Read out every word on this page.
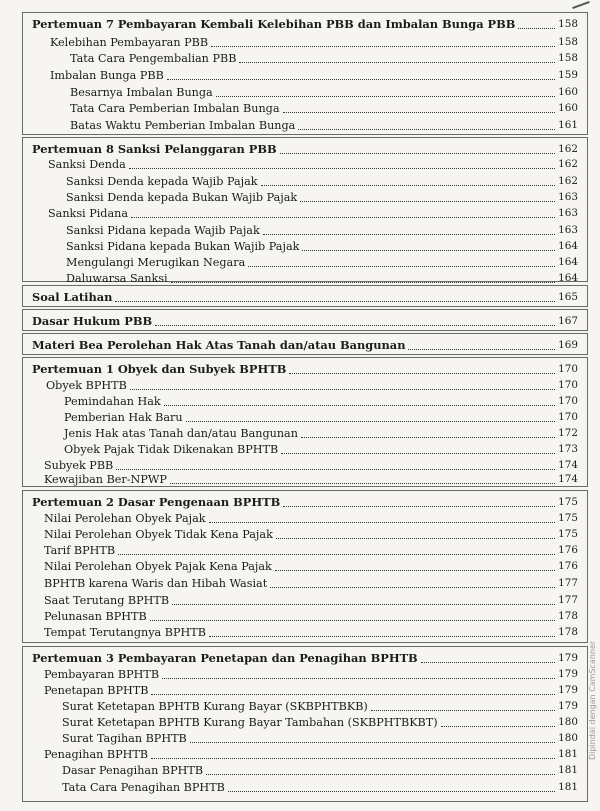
Pertemuan 7 Pembayaran Kembali Kelebihan PBB dan Imbalan Bunga PBB	158
Kelebihan Pembayaran PBB	158
Tata Cara Pengembalian PBB	158
Imbalan Bunga PBB	159
Besarnya Imbalan Bunga	160
Tata Cara Pemberian Imbalan Bunga	160
Batas Waktu Pemberian Imbalan Bunga	161
Pertemuan 8 Sanksi Pelanggaran PBB	162
Sanksi Denda	162
Sanksi Denda kepada Wajib Pajak	162
Sanksi Denda kepada Bukan Wajib Pajak	163
Sanksi Pidana	163
Sanksi Pidana kepada Wajib Pajak	163
Sanksi Pidana kepada Bukan Wajib Pajak	164
Mengulangi Merugikan Negara	164
Daluwarsa Sanksi	164
Soal Latihan	165
Dasar Hukum PBB	167
Materi Bea Perolehan Hak Atas Tanah dan/atau Bangunan	169
Pertemuan 1 Obyek dan Subyek BPHTB	170
Obyek BPHTB	170
Pemindahan Hak	170
Pemberian Hak Baru	170
Jenis Hak atas Tanah dan/atau Bangunan	172
Obyek Pajak Tidak Dikenakan BPHTB	173
Subyek PBB	174
Kewajiban Ber-NPWP	174
Pertemuan 2 Dasar Pengenaan BPHTB	175
Nilai Perolehan Obyek Pajak	175
Nilai Perolehan Obyek Tidak Kena Pajak	175
Tarif BPHTB	176
Nilai Perolehan Obyek Pajak Kena Pajak	176
BPHTB karena Waris dan Hibah Wasiat	177
Saat Terutang BPHTB	177
Pelunasan BPHTB	178
Tempat Terutangnya BPHTB	178
Pertemuan 3 Pembayaran Penetapan dan Penagihan BPHTB	179
Pembayaran BPHTB	179
Penetapan BPHTB	179
Surat Ketetapan BPHTB Kurang Bayar (SKBPHTBKB)	179
Surat Ketetapan BPHTB Kurang Bayar Tambahan (SKBPHTBKBT)	180
Surat Tagihan BPHTB	180
Penagihan BPHTB	181
Dasar Penagihan BPHTB	181
Tata Cara Penagihan BPHTB	181
Dipindai dengan CamScanner
